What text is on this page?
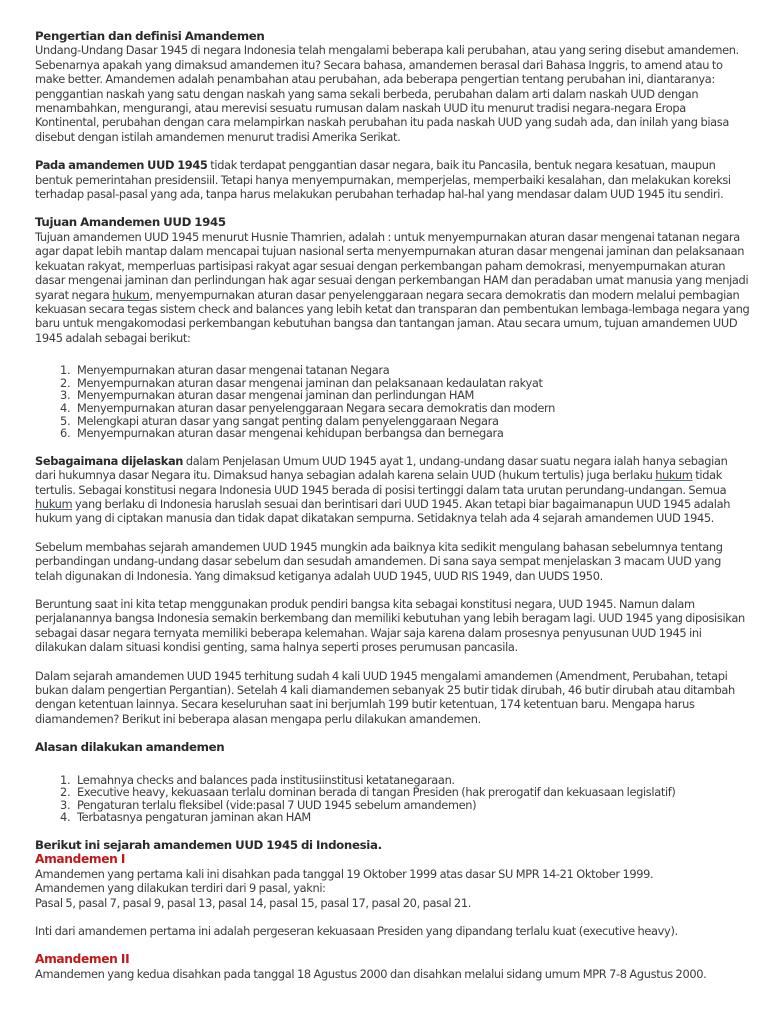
Pengertian dan definisi Amandemen

Undang-Undang Dasar 1945 di negara Indonesia telah mengalami beberapa kali perubahan, atau yang sering disebut amandemen. Sebenarnya apakah yang dimaksud amandemen itu? Secara bahasa, amandemen berasal dari Bahasa Inggris, to amend atau to make better. Amandemen adalah penambahan atau perubahan, ada beberapa pengertian tentang perubahan ini, diantaranya: penggantian naskah yang satu dengan naskah yang sama sekali berbeda, perubahan dalam arti dalam naskah UUD dengan menambahkan, mengurangi, atau merevisi sesuatu rumusan dalam naskah UUD itu menurut tradisi negara-negara Eropa Kontinental, perubahan dengan cara melampirkan naskah perubahan itu pada naskah UUD yang sudah ada, dan inilah yang biasa disebut dengan istilah amandemen menurut tradisi Amerika Serikat.

Pada amandemen UUD 1945 tidak terdapat penggantian dasar negara, baik itu Pancasila, bentuk negara kesatuan, maupun bentuk pemerintahan presidensiil. Tetapi hanya menyempurnakan, memperjelas, memperbaiki kesalahan, dan melakukan koreksi terhadap pasal-pasal yang ada, tanpa harus melakukan perubahan terhadap hal-hal yang mendasar dalam UUD 1945 itu sendiri.

Tujuan Amandemen UUD 1945

Tujuan amandemen UUD 1945 menurut Husnie Thamrien, adalah : untuk menyempurnakan aturan dasar mengenai tatanan negara agar dapat lebih mantap dalam mencapai tujuan nasional serta menyempurnakan aturan dasar mengenai jaminan dan pelaksanaan kekuatan rakyat, memperluas partisipasi rakyat agar sesuai dengan perkembangan paham demokrasi, menyempurnakan aturan dasar mengenai jaminan dan perlindungan hak agar sesuai dengan perkembangan HAM dan peradaban umat manusia yang menjadi syarat negara hukum, menyempurnakan aturan dasar penyelenggaraan negara secara demokratis dan modern melalui pembagian kekuasan secara tegas sistem check and balances yang lebih ketat dan transparan dan pembentukan lembaga-lembaga negara yang baru untuk mengakomodasi perkembangan kebutuhan bangsa dan tantangan jaman. Atau secara umum, tujuan amandemen UUD 1945 adalah sebagai berikut:

1. Menyempurnakan aturan dasar mengenai tatanan Negara
2. Menyempurnakan aturan dasar mengenai jaminan dan pelaksanaan kedaulatan rakyat
3. Menyempurnakan aturan dasar mengenai jaminan dan perlindungan HAM
4. Menyempurnakan aturan dasar penyelenggaraan Negara secara demokratis dan modern
5. Melengkapi aturan dasar yang sangat penting dalam penyelenggaraan Negara
6. Menyempurnakan aturan dasar mengenai kehidupan berbangsa dan bernegara

Sebagaimana dijelaskan dalam Penjelasan Umum UUD 1945 ayat 1, undang-undang dasar suatu negara ialah hanya sebagian dari hukumnya dasar Negara itu. Dimaksud hanya sebagian adalah karena selain UUD (hukum tertulis) juga berlaku hukum tidak tertulis. Sebagai konstitusi negara Indonesia UUD 1945 berada di posisi tertinggi dalam tata urutan perundang-undangan. Semua hukum yang berlaku di Indonesia haruslah sesuai dan berintisari dari UUD 1945. Akan tetapi biar bagaimanapun UUD 1945 adalah hukum yang di ciptakan manusia dan tidak dapat dikatakan sempurna. Setidaknya telah ada 4 sejarah amandemen UUD 1945.

Sebelum membahas sejarah amandemen UUD 1945 mungkin ada baiknya kita sedikit mengulang bahasan sebelumnya tentang perbandingan undang-undang dasar sebelum dan sesudah amandemen. Di sana saya sempat menjelaskan 3 macam UUD yang telah digunakan di Indonesia. Yang dimaksud ketiganya adalah UUD 1945, UUD RIS 1949, dan UUDS 1950.

Beruntung saat ini kita tetap menggunakan produk pendiri bangsa kita sebagai konstitusi negara, UUD 1945. Namun dalam perjalanannya bangsa Indonesia semakin berkembang dan memiliki kebutuhan yang lebih beragam lagi. UUD 1945 yang diposisikan sebagai dasar negara ternyata memiliki beberapa kelemahan. Wajar saja karena dalam prosesnya penyusunan UUD 1945 ini dilakukan dalam situasi kondisi genting, sama halnya seperti proses perumusan pancasila.

Dalam sejarah amandemen UUD 1945 terhitung sudah 4 kali UUD 1945 mengalami amandemen (Amendment, Perubahan, tetapi bukan dalam pengertian Pergantian). Setelah 4 kali diamandemen sebanyak 25 butir tidak dirubah, 46 butir dirubah atau ditambah dengan ketentuan lainnya. Secara keseluruhan saat ini berjumlah 199 butir ketentuan, 174 ketentuan baru. Mengapa harus diamandemen? Berikut ini beberapa alasan mengapa perlu dilakukan amandemen.

Alasan dilakukan amandemen

1. Lemahnya checks and balances pada institusiinstitusi ketatanegaraan.
2. Executive heavy, kekuasaan terlalu dominan berada di tangan Presiden (hak prerogatif dan kekuasaan legislatif)
3. Pengaturan terlalu fleksibel (vide:pasal 7 UUD 1945 sebelum amandemen)
4. Terbatasnya pengaturan jaminan akan HAM

Berikut ini sejarah amandemen UUD 1945 di Indonesia.

Amandemen I

Amandemen yang pertama kali ini disahkan pada tanggal 19 Oktober 1999 atas dasar SU MPR 14-21 Oktober 1999.

Amandemen yang dilakukan terdiri dari 9 pasal, yakni:

Pasal 5, pasal 7, pasal 9, pasal 13, pasal 14, pasal 15, pasal 17, pasal 20, pasal 21.

Inti dari amandemen pertama ini adalah pergeseran kekuasaan Presiden yang dipandang terlalu kuat (executive heavy).

Amandemen II

Amandemen yang kedua disahkan pada tanggal 18 Agustus 2000 dan disahkan melalui sidang umum MPR 7-8 Agustus 2000.
